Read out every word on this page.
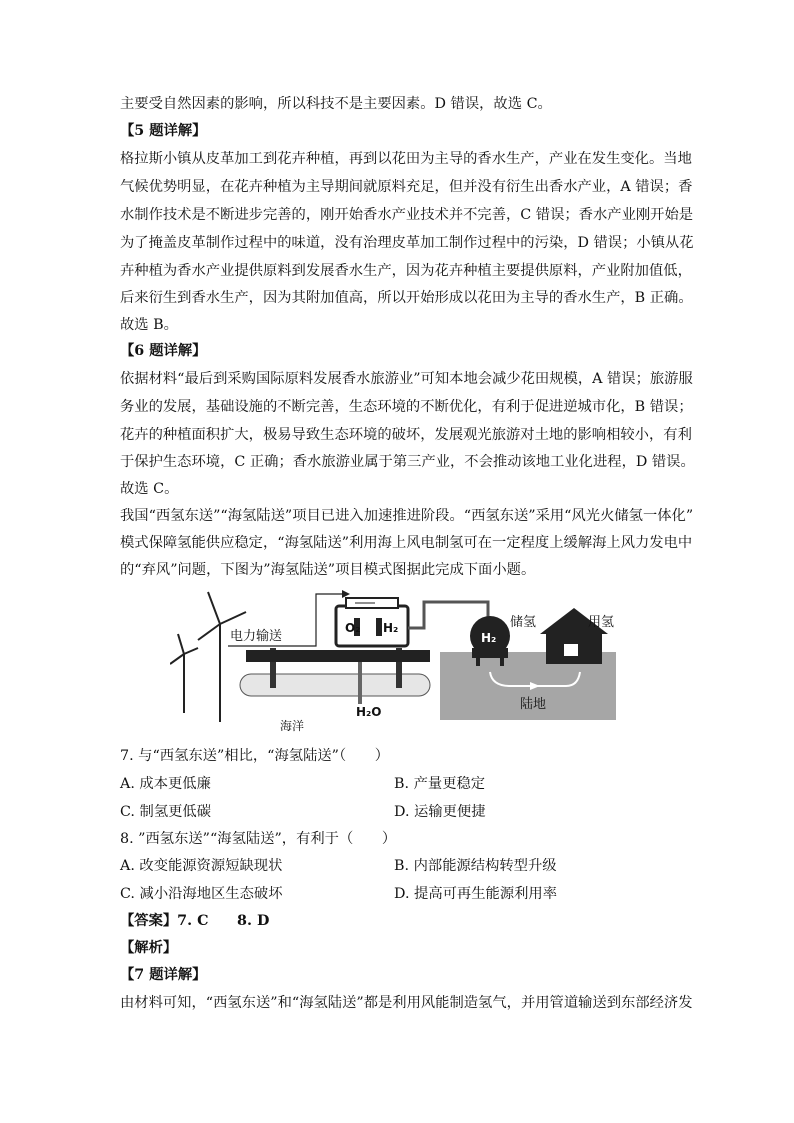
主要受自然因素的影响，所以科技不是主要因素。D 错误，故选 C。
【5 题详解】
格拉斯小镇从皮革加工到花卉种植，再到以花田为主导的香水生产，产业在发生变化。当地
气候优势明显，在花卉种植为主导期间就原料充足，但并没有衍生出香水产业，A 错误；香
水制作技术是不断进步完善的，刚开始香水产业技术并不完善，C 错误；香水产业刚开始是
为了掩盖皮革制作过程中的味道，没有治理皮革加工制作过程中的污染，D 错误；小镇从花
卉种植为香水产业提供原料到发展香水生产，因为花卉种植主要提供原料，产业附加值低，
后来衍生到香水生产，因为其附加值高，所以开始形成以花田为主导的香水生产，B 正确。
故选 B。
【6 题详解】
依据材料“最后到采购国际原料发展香水旅游业”可知本地会减少花田规模，A 错误；旅游服
务业的发展，基础设施的不断完善，生态环境的不断优化，有利于促进逆城市化，B 错误；
花卉的种植面积扩大，极易导致生态环境的破坏，发展观光旅游对土地的影响相较小，有利
于保护生态环境，C 正确；香水旅游业属于第三产业，不会推动该地工业化进程，D 错误。
故选 C。
我国“西氢东送”“海氢陆送”项目已进入加速推进阶段。“西氢东送”采用“风光火储氢一体化”
模式保障氢能供应稳定，“海氢陆送”利用海上风电制氢可在一定程度上缓解海上风力发电中
的“弃风”问题，下图为”海氢陆送”项目模式图据此完成下面小题。
电力输送
O₂ H₂
H₂
储氢	用氢
H₂O
海洋
陆地
7. 与“西氢东送”相比，“海氢陆送”（　　）
A. 成本更低廉	B. 产量更稳定
C. 制氢更低碳	D. 运输更便捷
8. ”西氢东送”“海氢陆送”，有利于（　　）
A. 改变能源资源短缺现状	B. 内部能源结构转型升级
C. 减小沿海地区生态破坏	D. 提高可再生能源利用率
【答案】7. C　　8. D
【解析】
【7 题详解】
由材料可知，“西氢东送”和“海氢陆送”都是利用风能制造氢气，并用管道输送到东部经济发
